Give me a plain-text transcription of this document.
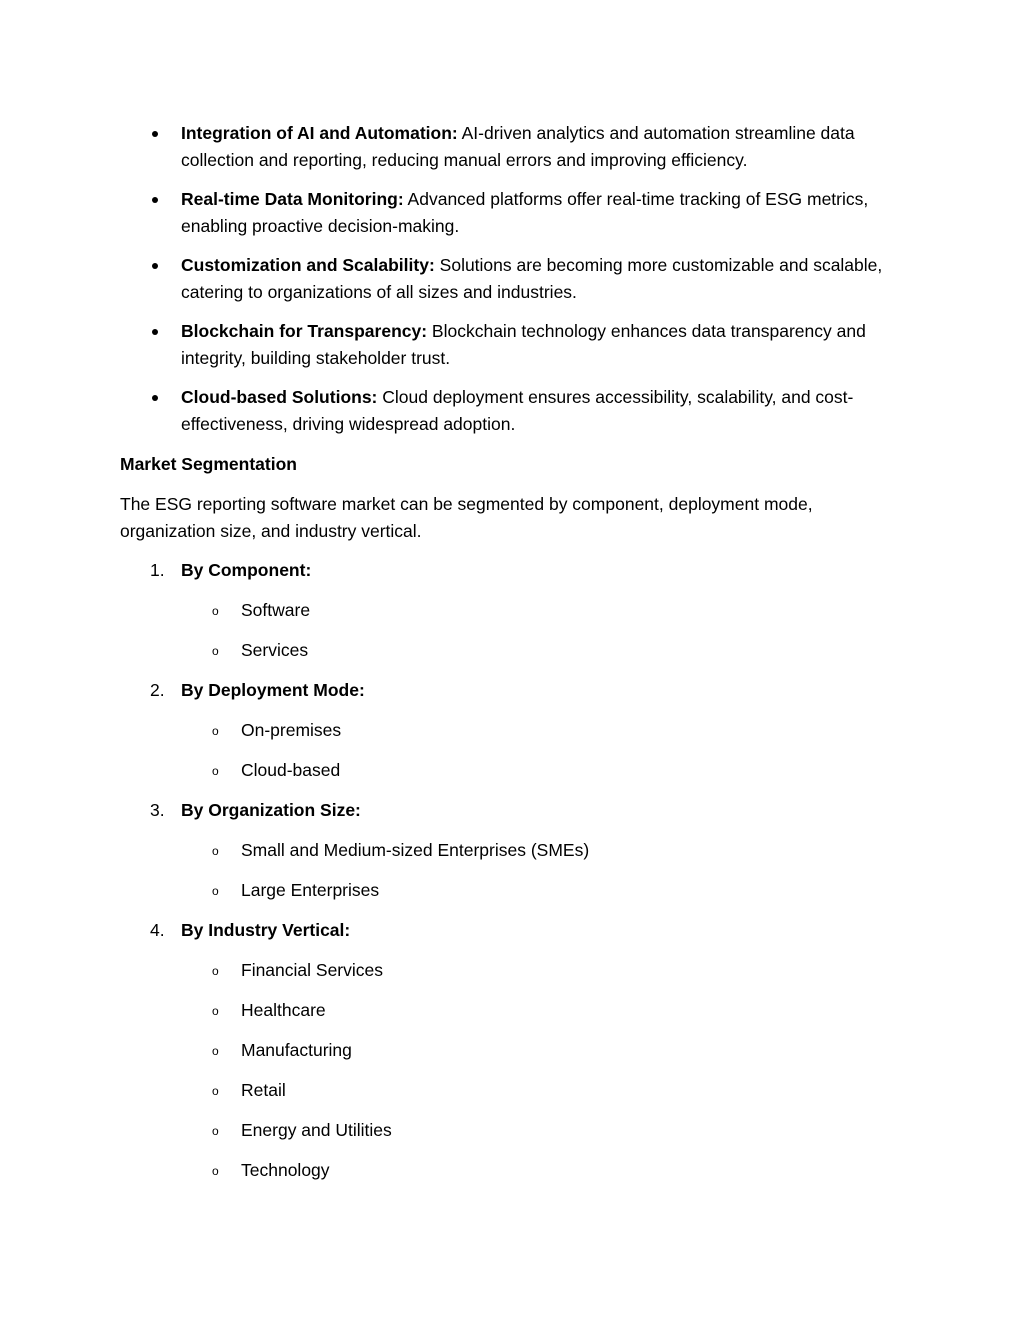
Integration of AI and Automation: AI-driven analytics and automation streamline data collection and reporting, reducing manual errors and improving efficiency.
Real-time Data Monitoring: Advanced platforms offer real-time tracking of ESG metrics, enabling proactive decision-making.
Customization and Scalability: Solutions are becoming more customizable and scalable, catering to organizations of all sizes and industries.
Blockchain for Transparency: Blockchain technology enhances data transparency and integrity, building stakeholder trust.
Cloud-based Solutions: Cloud deployment ensures accessibility, scalability, and cost-effectiveness, driving widespread adoption.
Market Segmentation

The ESG reporting software market can be segmented by component, deployment mode, organization size, and industry vertical.

1. By Component:
o Software
o Services
2. By Deployment Mode:
o On-premises
o Cloud-based
3. By Organization Size:
o Small and Medium-sized Enterprises (SMEs)
o Large Enterprises
4. By Industry Vertical:
o Financial Services
o Healthcare
o Manufacturing
o Retail
o Energy and Utilities
o Technology
